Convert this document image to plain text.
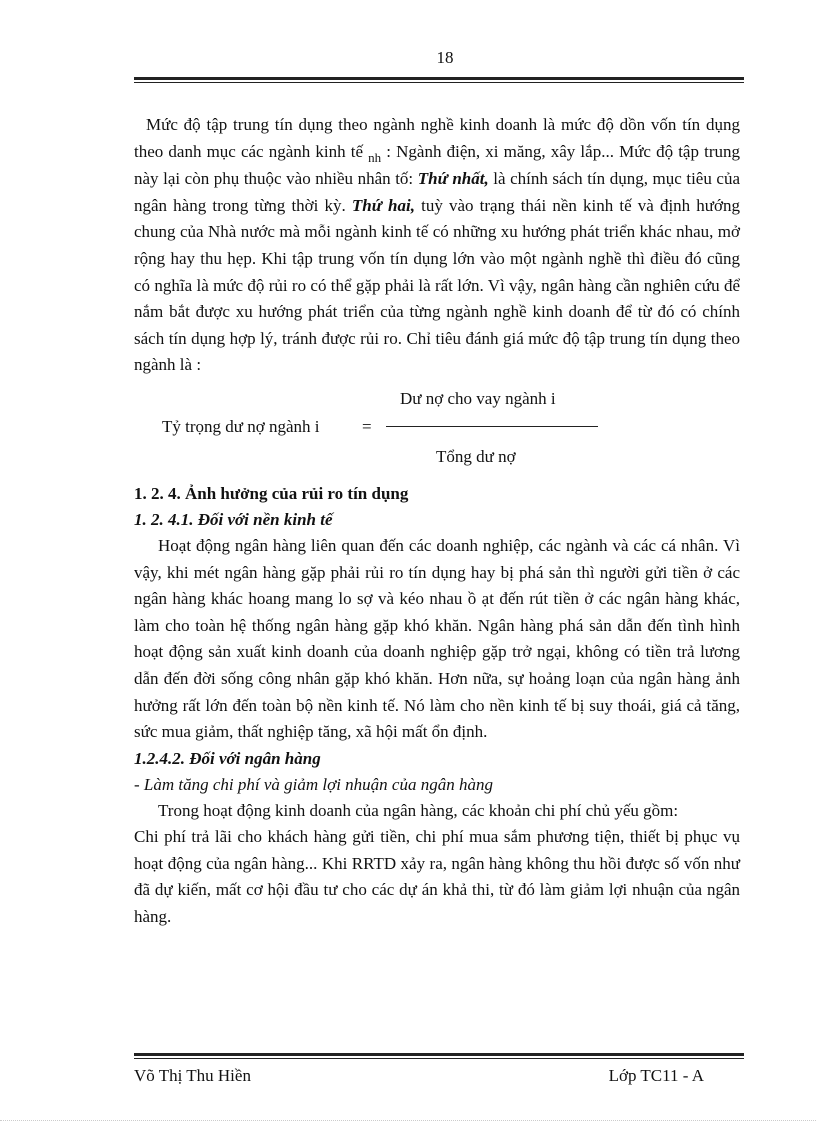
18

Mức độ tập trung tín dụng theo ngành nghề kinh doanh là mức độ dồn vốn tín dụng theo danh mục các ngành kinh tế $_{nh}$ : Ngành điện, xi măng, xây lắp... Mức độ tập trung này lại còn phụ thuộc vào nhiều nhân tố: Thứ nhất, là chính sách tín dụng, mục tiêu của ngân hàng trong từng thời kỳ. Thứ hai, tuỳ vào trạng thái nền kinh tế và định hướng chung của Nhà nước mà mỗi ngành kinh tế có những xu hướng phát triển khác nhau, mở rộng hay thu hẹp. Khi tập trung vốn tín dụng lớn vào một ngành nghề thì điều đó cũng có nghĩa là mức độ rủi ro có thể gặp phải là rất lớn. Vì vậy, ngân hàng cần nghiên cứu để nắm bắt được xu hướng phát triển của từng ngành nghề kinh doanh để từ đó có chính sách tín dụng hợp lý, tránh được rủi ro. Chỉ tiêu đánh giá mức độ tập trung tín dụng theo ngành là :

Tỷ trọng dư nợ ngành i	=
Dư nợ cho vay ngành i
Tổng dư nợ

1. 2. 4. Ảnh hưởng của rủi ro tín dụng

1. 2. 4.1. Đối với nền kinh tế

Hoạt động ngân hàng liên quan đến các doanh nghiệp, các ngành và các cá nhân. Vì vậy, khi mét ngân hàng gặp phải rủi ro tín dụng hay bị phá sản thì người gửi tiền ở các ngân hàng khác hoang mang lo sợ và kéo nhau ồ ạt đến rút tiền ở các ngân hàng khác, làm cho toàn hệ thống ngân hàng gặp khó khăn. Ngân hàng phá sản dẫn đến tình hình hoạt động sản xuất kinh doanh của doanh nghiệp gặp trở ngại, không có tiền trả lương dẫn đến đời sống công nhân gặp khó khăn. Hơn nữa, sự hoảng loạn của ngân hàng ảnh hưởng rất lớn đến toàn bộ nền kinh tế. Nó làm cho nền kinh tế bị suy thoái, giá cả tăng, sức mua giảm, thất nghiệp tăng, xã hội mất ổn định.

1.2.4.2. Đối với ngân hàng

- Làm tăng chi phí và giảm lợi nhuận của ngân hàng

Trong hoạt động kinh doanh của ngân hàng, các khoản chi phí chủ yếu gồm:

Chi phí trả lãi cho khách hàng gửi tiền, chi phí mua sắm phương tiện, thiết bị phục vụ hoạt động của ngân hàng... Khi RRTD xảy ra, ngân hàng không thu hồi được số vốn như đã dự kiến, mất cơ hội đầu tư cho các dự án khả thi, từ đó làm giảm lợi nhuận của ngân hàng.

Võ Thị Thu Hiền	Lớp TC11 - A
